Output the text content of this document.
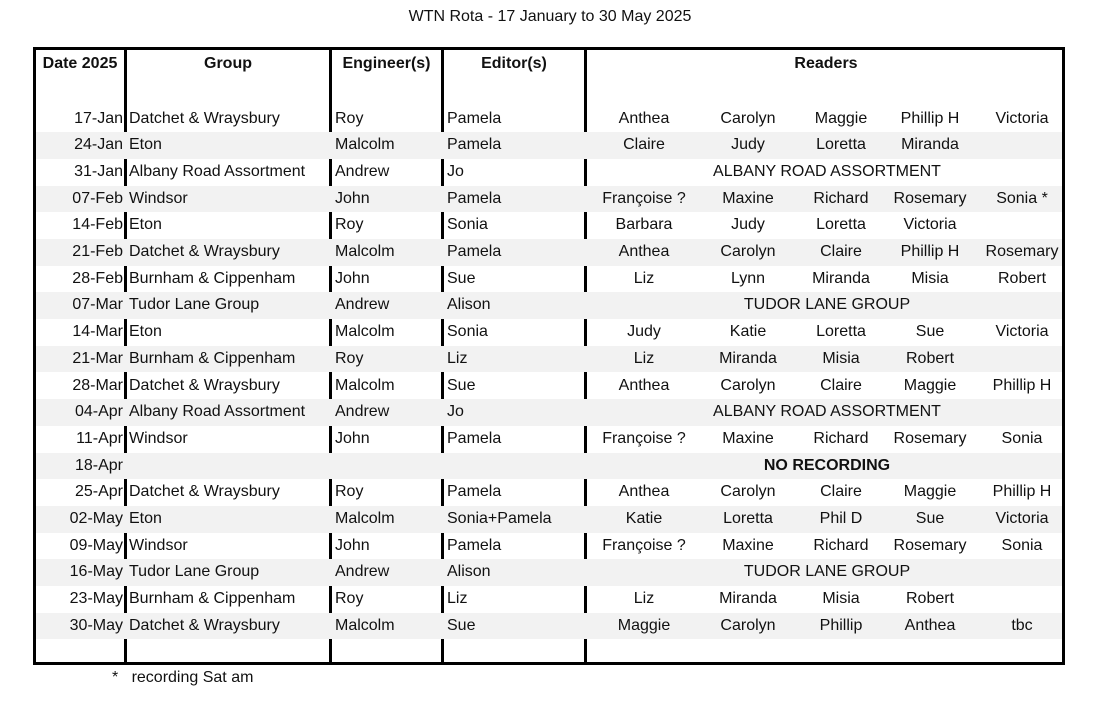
WTN Rota - 17 January to 30 May 2025
Date 2025	Group	Engineer(s)	Editor(s)	Readers
17-Jan Datchet & Wraysbury	Roy	Pamela	Anthea	Carolyn	Maggie	Phillip H	Victoria
24-Jan Eton	Malcolm	Pamela	Claire	Judy	Loretta	Miranda
31-Jan Albany Road Assortment	Andrew	Jo	ALBANY ROAD ASSORTMENT
07-Feb Windsor	John	Pamela	Françoise ?	Maxine	Richard	Rosemary	Sonia *
14-Feb Eton	Roy	Sonia	Barbara	Judy	Loretta	Victoria
21-Feb Datchet & Wraysbury	Malcolm	Pamela	Anthea	Carolyn	Claire	Phillip H	Rosemary
28-Feb Burnham & Cippenham	John	Sue	Liz	Lynn	Miranda	Misia	Robert
07-Mar Tudor Lane Group	Andrew	Alison	TUDOR LANE GROUP
14-Mar Eton	Malcolm	Sonia	Judy	Katie	Loretta	Sue	Victoria
21-Mar Burnham & Cippenham	Roy	Liz	Liz	Miranda	Misia	Robert
28-Mar Datchet & Wraysbury	Malcolm	Sue	Anthea	Carolyn	Claire	Maggie	Phillip H
04-Apr Albany Road Assortment	Andrew	Jo	ALBANY ROAD ASSORTMENT
11-Apr Windsor	John	Pamela	Françoise ?	Maxine	Richard	Rosemary	Sonia
18-Apr	NO RECORDING
25-Apr Datchet & Wraysbury	Roy	Pamela	Anthea	Carolyn	Claire	Maggie	Phillip H
02-May Eton	Malcolm	Sonia+Pamela	Katie	Loretta	Phil D	Sue	Victoria
09-May Windsor	John	Pamela	Françoise ?	Maxine	Richard	Rosemary	Sonia
16-May Tudor Lane Group	Andrew	Alison	TUDOR LANE GROUP
23-May Burnham & Cippenham	Roy	Liz	Liz	Miranda	Misia	Robert
30-May Datchet & Wraysbury	Malcolm	Sue	Maggie	Carolyn	Phillip	Anthea	tbc
* recording Sat am
